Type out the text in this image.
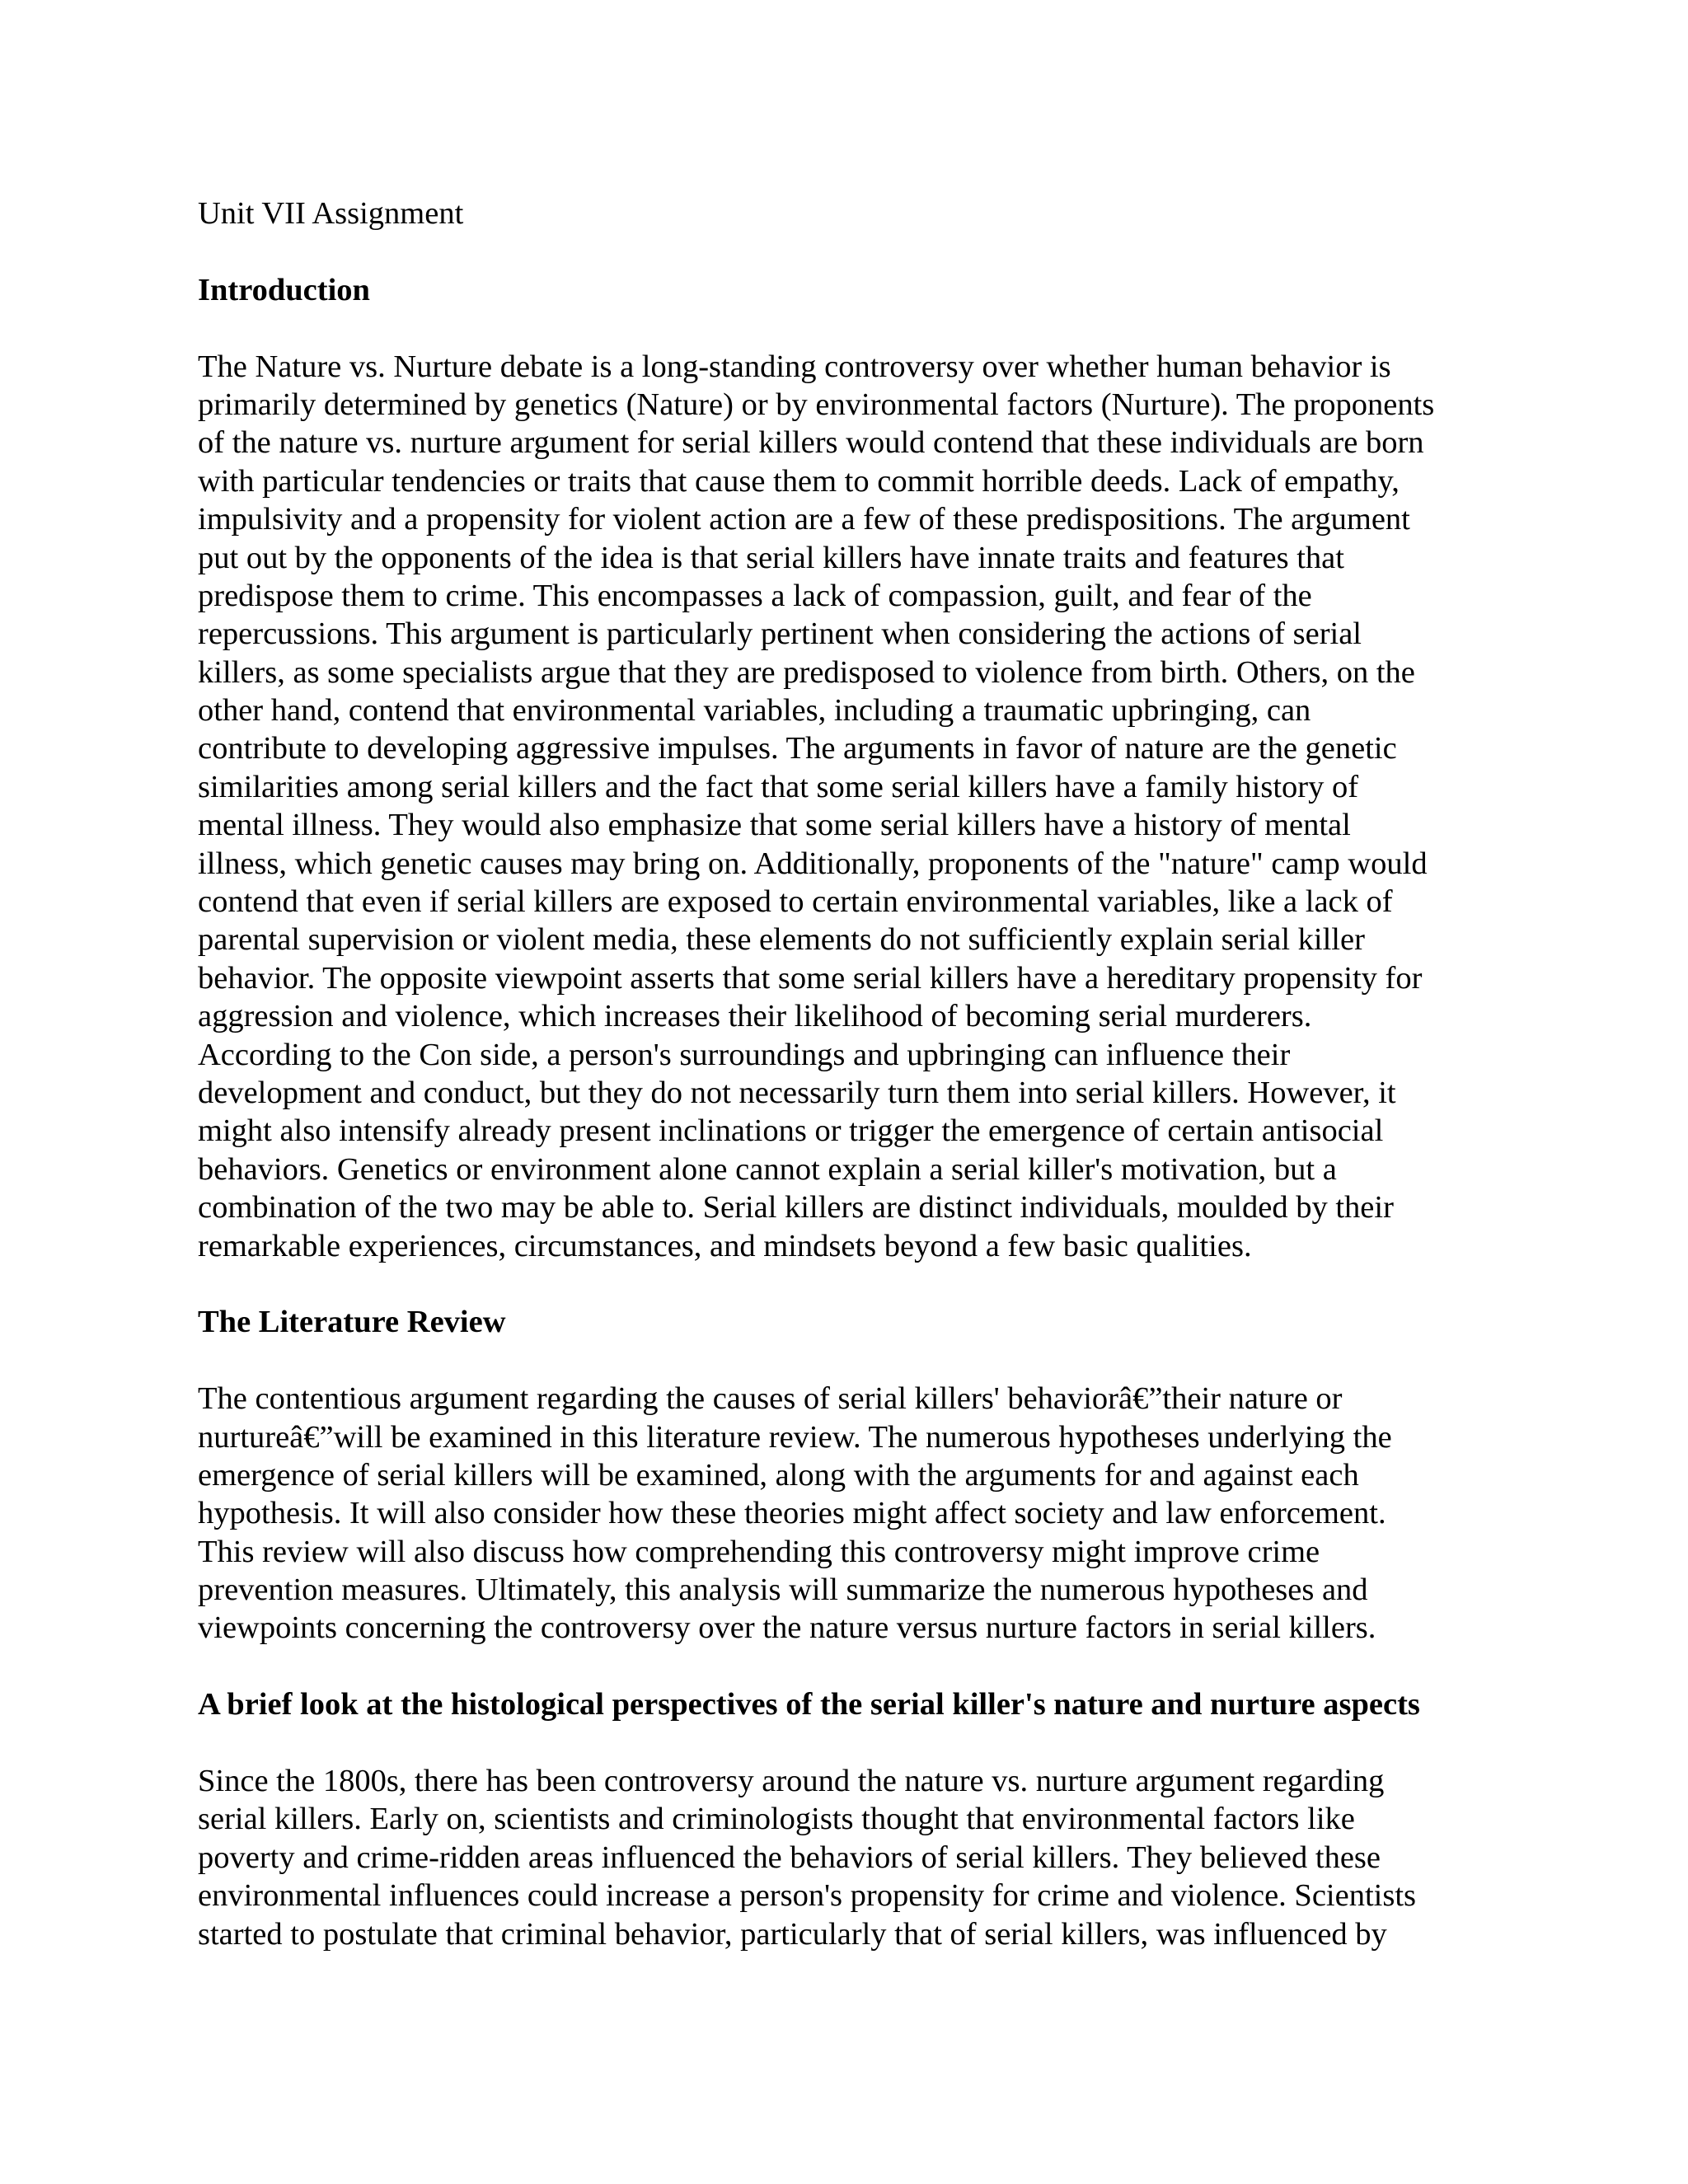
Unit VII Assignment
Introduction
The Nature vs. Nurture debate is a long-standing controversy over whether human behavior is
primarily determined by genetics (Nature) or by environmental factors (Nurture). The proponents
of the nature vs. nurture argument for serial killers would contend that these individuals are born
with particular tendencies or traits that cause them to commit horrible deeds. Lack of empathy,
impulsivity and a propensity for violent action are a few of these predispositions. The argument
put out by the opponents of the idea is that serial killers have innate traits and features that
predispose them to crime. This encompasses a lack of compassion, guilt, and fear of the
repercussions. This argument is particularly pertinent when considering the actions of serial
killers, as some specialists argue that they are predisposed to violence from birth. Others, on the
other hand, contend that environmental variables, including a traumatic upbringing, can
contribute to developing aggressive impulses. The arguments in favor of nature are the genetic
similarities among serial killers and the fact that some serial killers have a family history of
mental illness. They would also emphasize that some serial killers have a history of mental
illness, which genetic causes may bring on. Additionally, proponents of the "nature" camp would
contend that even if serial killers are exposed to certain environmental variables, like a lack of
parental supervision or violent media, these elements do not sufficiently explain serial killer
behavior. The opposite viewpoint asserts that some serial killers have a hereditary propensity for
aggression and violence, which increases their likelihood of becoming serial murderers.
According to the Con side, a person's surroundings and upbringing can influence their
development and conduct, but they do not necessarily turn them into serial killers. However, it
might also intensify already present inclinations or trigger the emergence of certain antisocial
behaviors. Genetics or environment alone cannot explain a serial killer's motivation, but a
combination of the two may be able to. Serial killers are distinct individuals, moulded by their
remarkable experiences, circumstances, and mindsets beyond a few basic qualities.
The Literature Review
The contentious argument regarding the causes of serial killers' behaviorâ€”their nature or
nurtureâ€”will be examined in this literature review. The numerous hypotheses underlying the
emergence of serial killers will be examined, along with the arguments for and against each
hypothesis. It will also consider how these theories might affect society and law enforcement.
This review will also discuss how comprehending this controversy might improve crime
prevention measures. Ultimately, this analysis will summarize the numerous hypotheses and
viewpoints concerning the controversy over the nature versus nurture factors in serial killers.
A brief look at the histological perspectives of the serial killer's nature and nurture aspects
Since the 1800s, there has been controversy around the nature vs. nurture argument regarding
serial killers. Early on, scientists and criminologists thought that environmental factors like
poverty and crime-ridden areas influenced the behaviors of serial killers. They believed these
environmental influences could increase a person's propensity for crime and violence. Scientists
started to postulate that criminal behavior, particularly that of serial killers, was influenced by
